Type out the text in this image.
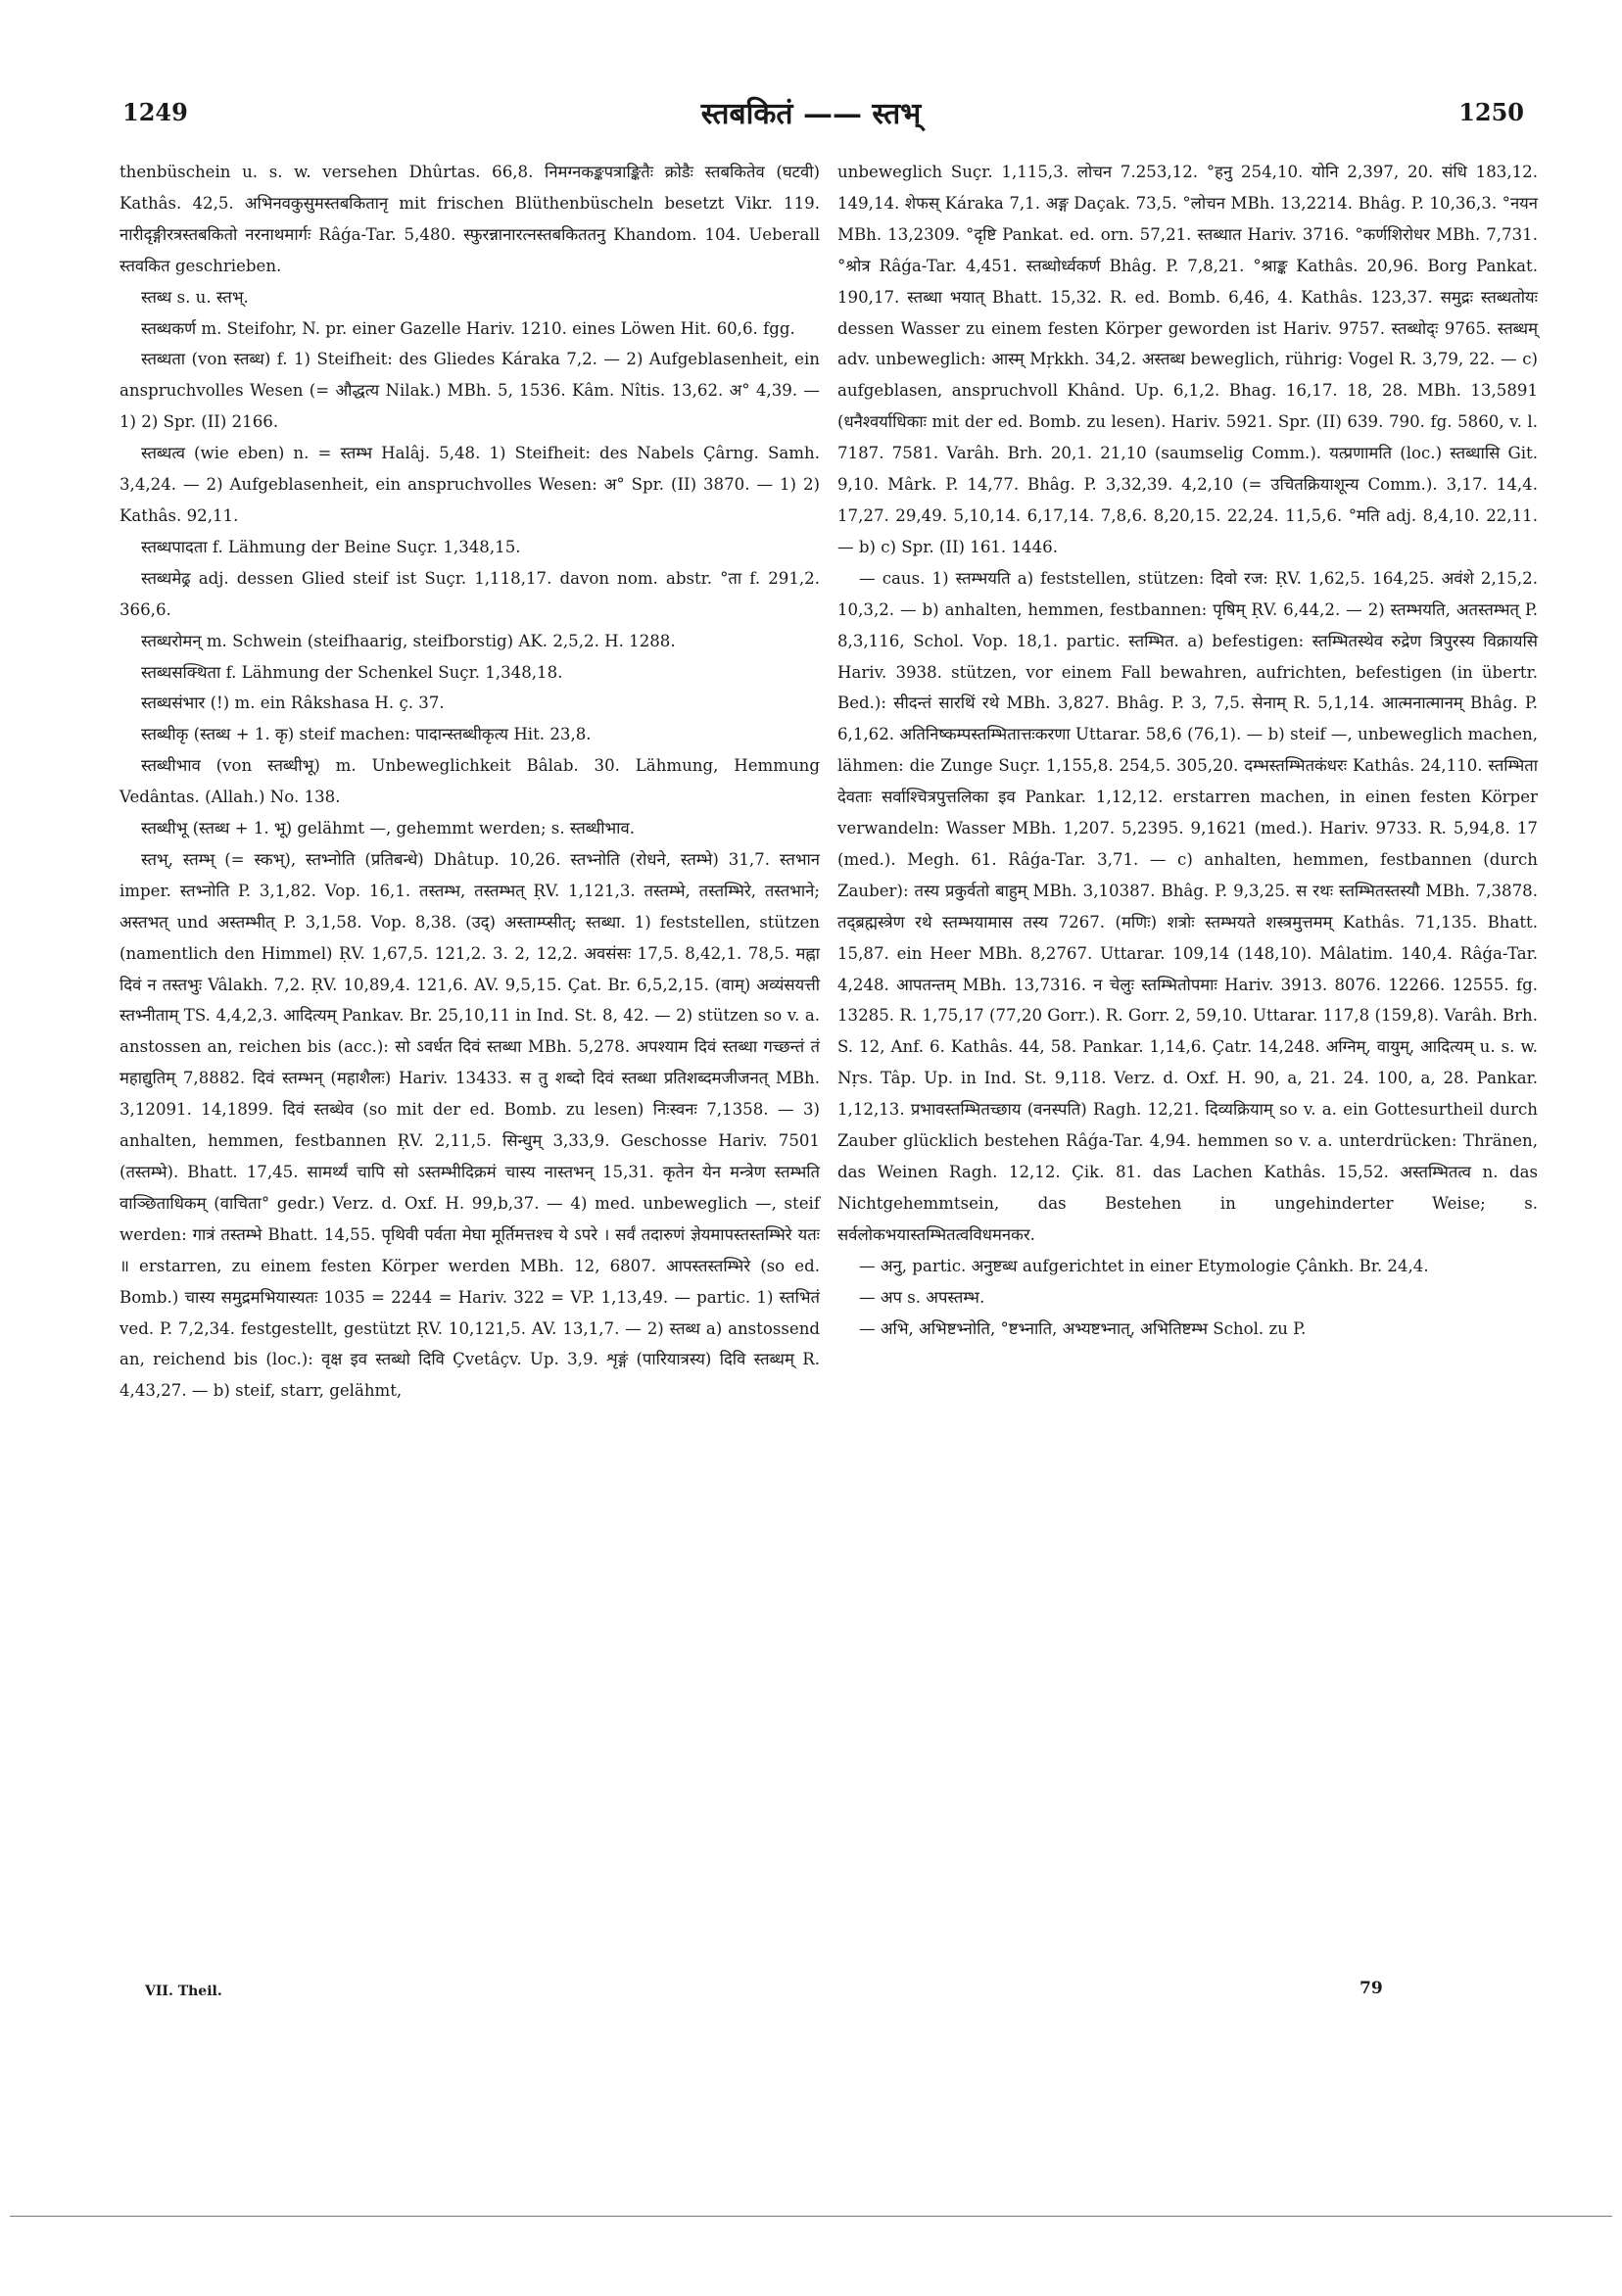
1249	स्तबकितं —— स्तभ्	1250

thenbüschein u. s. w. versehen Dhûrtas. 66,8. निमग्नकङ्कपत्राङ्कितैः क्रोडैः स्तबकितेव (घटवी) Kathâs. 42,5. अभिनवकुसुमस्तबकितानृ mit frischen Blüthenbüscheln besetzt Vikr. 119. नारीदृङ्गीरत्रस्तबकितो नरनाथमार्गः Râǵa-Tar. 5,480. स्फुरन्नानारत्नस्तबकिततनु Khandom. 104. Ueberall स्तवकित geschrieben.

स्तब्ध s. u. स्तभ्.

स्तब्धकर्ण m. Steifohr, N. pr. einer Gazelle Hariv. 1210. eines Löwen Hit. 60,6. fgg.

स्तब्धता (von स्तब्ध) f. 1) Steifheit: des Gliedes Káraka 7,2. — 2) Aufgeblasenheit, ein anspruchvolles Wesen (= औद्धत्य Nilak.) MBh. 5, 1536. Kâm. Nîtis. 13,62. अ° 4,39. — 1) 2) Spr. (II) 2166.

स्तब्धत्व (wie eben) n. = स्तम्भ Halâj. 5,48. 1) Steifheit: des Nabels Çârng. Samh. 3,4,24. — 2) Aufgeblasenheit, ein anspruchvolles Wesen: अ° Spr. (II) 3870. — 1) 2) Kathâs. 92,11.

स्तब्धपादता f. Lähmung der Beine Suçr. 1,348,15.

स्तब्धमेढ्र adj. dessen Glied steif ist Suçr. 1,118,17. davon nom. abstr. °ता f. 291,2. 366,6.

स्तब्धरोमन् m. Schwein (steifhaarig, steifborstig) AK. 2,5,2. H. 1288.

स्तब्धसक्थिता f. Lähmung der Schenkel Suçr. 1,348,18.

स्तब्धसंभार (!) m. ein Râkshasa H. ç. 37.

स्तब्धीकृ (स्तब्ध + 1. कृ) steif machen: पादान्स्तब्धीकृत्य Hit. 23,8.

स्तब्धीभाव (von स्तब्धीभू) m. Unbeweglichkeit Bâlab. 30. Lähmung, Hemmung Vedântas. (Allah.) No. 138.

स्तब्धीभू (स्तब्ध + 1. भू) gelähmt —, gehemmt werden; s. स्तब्धीभाव.

स्तभ्, स्तम्भ् (= स्कभ्), स्तभ्नोति (प्रतिबन्धे) Dhâtup. 10,26. स्तभ्नोति (रोधने, स्तम्भे) 31,7. स्तभान imper. स्तभ्नोति P. 3,1,82. Vop. 16,1. तस्तम्भ, तस्तम्भत् ṚV. 1,121,3. तस्तम्भे, तस्तम्भिरे, तस्तभाने; अस्तभत् und अस्तम्भीत् P. 3,1,58. Vop. 8,38. (उद्) अस्ताम्प्सीत्; स्तब्धा. 1) feststellen, stützen (namentlich den Himmel) ṚV. 1,67,5. 121,2. 3. 2, 12,2. अवसंसः 17,5. 8,42,1. 78,5. मह्ना दिवं न तस्तभुः Vâlakh. 7,2. ṚV. 10,89,4. 121,6. AV. 9,5,15. Çat. Br. 6,5,2,15. (वाम्) अव्यंसयत्ती स्तभ्नीताम् TS. 4,4,2,3. आदित्यम् Pankav. Br. 25,10,11 in Ind. St. 8, 42. — 2) stützen so v. a. anstossen an, reichen bis (acc.): सो ऽवर्धत दिवं स्तब्धा MBh. 5,278. अपश्याम दिवं स्तब्धा गच्छन्तं तं महाद्युतिम् 7,8882. दिवं स्तम्भन् (महाशैलः) Hariv. 13433. स तु शब्दो दिवं स्तब्धा प्रतिशब्दमजीजनत् MBh. 3,12091. 14,1899. दिवं स्तब्धेव (so mit der ed. Bomb. zu lesen) निःस्वनः 7,1358. — 3) anhalten, hemmen, festbannen ṚV. 2,11,5. सिन्धुम् 3,33,9. Geschosse Hariv. 7501 (तस्तम्भे). Bhatt. 17,45. सामर्थ्यं चापि सो ऽस्तम्भीदिक्रमं चास्य नास्तभन् 15,31. कृतेन येन मन्त्रेण स्तम्भति वाञ्छिताधिकम् (वाचिता° gedr.) Verz. d. Oxf. H. 99,b,37. — 4) med. unbeweglich —, steif werden: गात्रं तस्तम्भे Bhatt. 14,55. पृथिवी पर्वता मेघा मूर्तिमत्तश्च ये ऽपरे । सर्वं तदारुणं ज्ञेयमापस्तस्तम्भिरे यतः ॥ erstarren, zu einem festen Körper werden MBh. 12, 6807. आपस्तस्तम्भिरे (so ed. Bomb.) चास्य समुद्रमभियास्यतः 1035 = 2244 = Hariv. 322 = VP. 1,13,49. — partic. 1) स्तभितं ved. P. 7,2,34. festgestellt, gestützt ṚV. 10,121,5. AV. 13,1,7. — 2) स्तब्ध a) anstossend an, reichend bis (loc.): वृक्ष इव स्तब्धो दिवि Çvetâçv. Up. 3,9. शृङ्गं (पारियात्रस्य) दिवि स्तब्धम् R. 4,43,27. — b) steif, starr, gelähmt,

unbeweglich Suçr. 1,115,3. लोचन 7.253,12. °हनु 254,10. योनि 2,397, 20. संधि 183,12. 149,14. शेफस् Káraka 7,1. अङ्ग Daçak. 73,5. °लोचन MBh. 13,2214. Bhâg. P. 10,36,3. °नयन MBh. 13,2309. °दृष्टि Pankat. ed. orn. 57,21. स्तब्धात Hariv. 3716. °कर्णशिरोधर MBh. 7,731. °श्रोत्र Râǵa-Tar. 4,451. स्तब्धोर्ध्वकर्ण Bhâg. P. 7,8,21. °श्राङ्क Kathâs. 20,96. Borg Pankat. 190,17. स्तब्धा भयात् Bhatt. 15,32. R. ed. Bomb. 6,46, 4. Kathâs. 123,37. समुद्रः स्तब्धतोयः dessen Wasser zu einem festen Körper geworden ist Hariv. 9757. स्तब्धोद्ः 9765. स्तब्धम् adv. unbeweglich: आस्म् Mṛkkh. 34,2. अस्तब्ध beweglich, rührig: Vogel R. 3,79, 22. — c) aufgeblasen, anspruchvoll Khând. Up. 6,1,2. Bhag. 16,17. 18, 28. MBh. 13,5891 (धनैश्वर्याधिकाः mit der ed. Bomb. zu lesen). Hariv. 5921. Spr. (II) 639. 790. fg. 5860, v. l. 7187. 7581. Varâh. Brh. 20,1. 21,10 (saumselig Comm.). यत्प्रणामति (loc.) स्तब्धासि Git. 9,10. Mârk. P. 14,77. Bhâg. P. 3,32,39. 4,2,10 (= उचितक्रियाशून्य Comm.). 3,17. 14,4. 17,27. 29,49. 5,10,14. 6,17,14. 7,8,6. 8,20,15. 22,24. 11,5,6. °मति adj. 8,4,10. 22,11. — b) c) Spr. (II) 161. 1446.

— caus. 1) स्तम्भयति a) feststellen, stützen: दिवो रज: ṚV. 1,62,5. 164,25. अवंशे 2,15,2. 10,3,2. — b) anhalten, hemmen, festbannen: पृषिम् ṚV. 6,44,2. — 2) स्तम्भयति, अतस्तम्भत् P. 8,3,116, Schol. Vop. 18,1. partic. स्तम्भित. a) befestigen: स्तम्भितस्थेव रुद्रेण त्रिपुरस्य विक्रायसि Hariv. 3938. stützen, vor einem Fall bewahren, aufrichten, befestigen (in übertr. Bed.): सीदन्तं सारथिं रथे MBh. 3,827. Bhâg. P. 3, 7,5. सेनाम् R. 5,1,14. आत्मनात्मानम् Bhâg. P. 6,1,62. अतिनिष्कम्पस्तम्भितात्तःकरणा Uttarar. 58,6 (76,1). — b) steif —, unbeweglich machen, lähmen: die Zunge Suçr. 1,155,8. 254,5. 305,20. दम्भस्तम्भितकंधरः Kathâs. 24,110. स्तम्भिता देवताः सर्वाश्चित्रपुत्तलिका इव Pankar. 1,12,12. erstarren machen, in einen festen Körper verwandeln: Wasser MBh. 1,207. 5,2395. 9,1621 (med.). Hariv. 9733. R. 5,94,8. 17 (med.). Megh. 61. Râǵa-Tar. 3,71. — c) anhalten, hemmen, festbannen (durch Zauber): तस्य प्रकुर्वतो बाहुम् MBh. 3,10387. Bhâg. P. 9,3,25. स रथः स्तम्भितस्तस्यौ MBh. 7,3878. तद्ब्रह्मस्त्रेण रथे स्तम्भयामास तस्य 7267. (मणिः) शत्रोः स्तम्भयते शस्त्रमुत्तमम् Kathâs. 71,135. Bhatt. 15,87. ein Heer MBh. 8,2767. Uttarar. 109,14 (148,10). Mâlatim. 140,4. Râǵa-Tar. 4,248. आपतन्तम् MBh. 13,7316. न चेलुः स्तम्भितोपमाः Hariv. 3913. 8076. 12266. 12555. fg. 13285. R. 1,75,17 (77,20 Gorr.). R. Gorr. 2, 59,10. Uttarar. 117,8 (159,8). Varâh. Brh. S. 12, Anf. 6. Kathâs. 44, 58. Pankar. 1,14,6. Çatr. 14,248. अग्निम्, वायुम्, आदित्यम् u. s. w. Nṛs. Tâp. Up. in Ind. St. 9,118. Verz. d. Oxf. H. 90, a, 21. 24. 100, a, 28. Pankar. 1,12,13. प्रभावस्तम्भितच्छाय (वनस्पति) Ragh. 12,21. दिव्यक्रियाम् so v. a. ein Gottesurtheil durch Zauber glücklich bestehen Râǵa-Tar. 4,94. hemmen so v. a. unterdrücken: Thränen, das Weinen Ragh. 12,12. Çik. 81. das Lachen Kathâs. 15,52. अस्तम्भितत्व n. das Nichtgehemmtsein, das Bestehen in ungehinderter Weise; s. सर्वलोकभयास्तम्भितत्वविधमनकर.

— अनु, partic. अनुष्टब्ध aufgerichtet in einer Etymologie Çânkh. Br. 24,4.

— अप s. अपस्तम्भ.

— अभि, अभिष्टभ्नोति, °ष्टभ्नाति, अभ्यष्टभ्नात्, अभितिष्टम्भ Schol. zu P.

VII. Theil.	79
